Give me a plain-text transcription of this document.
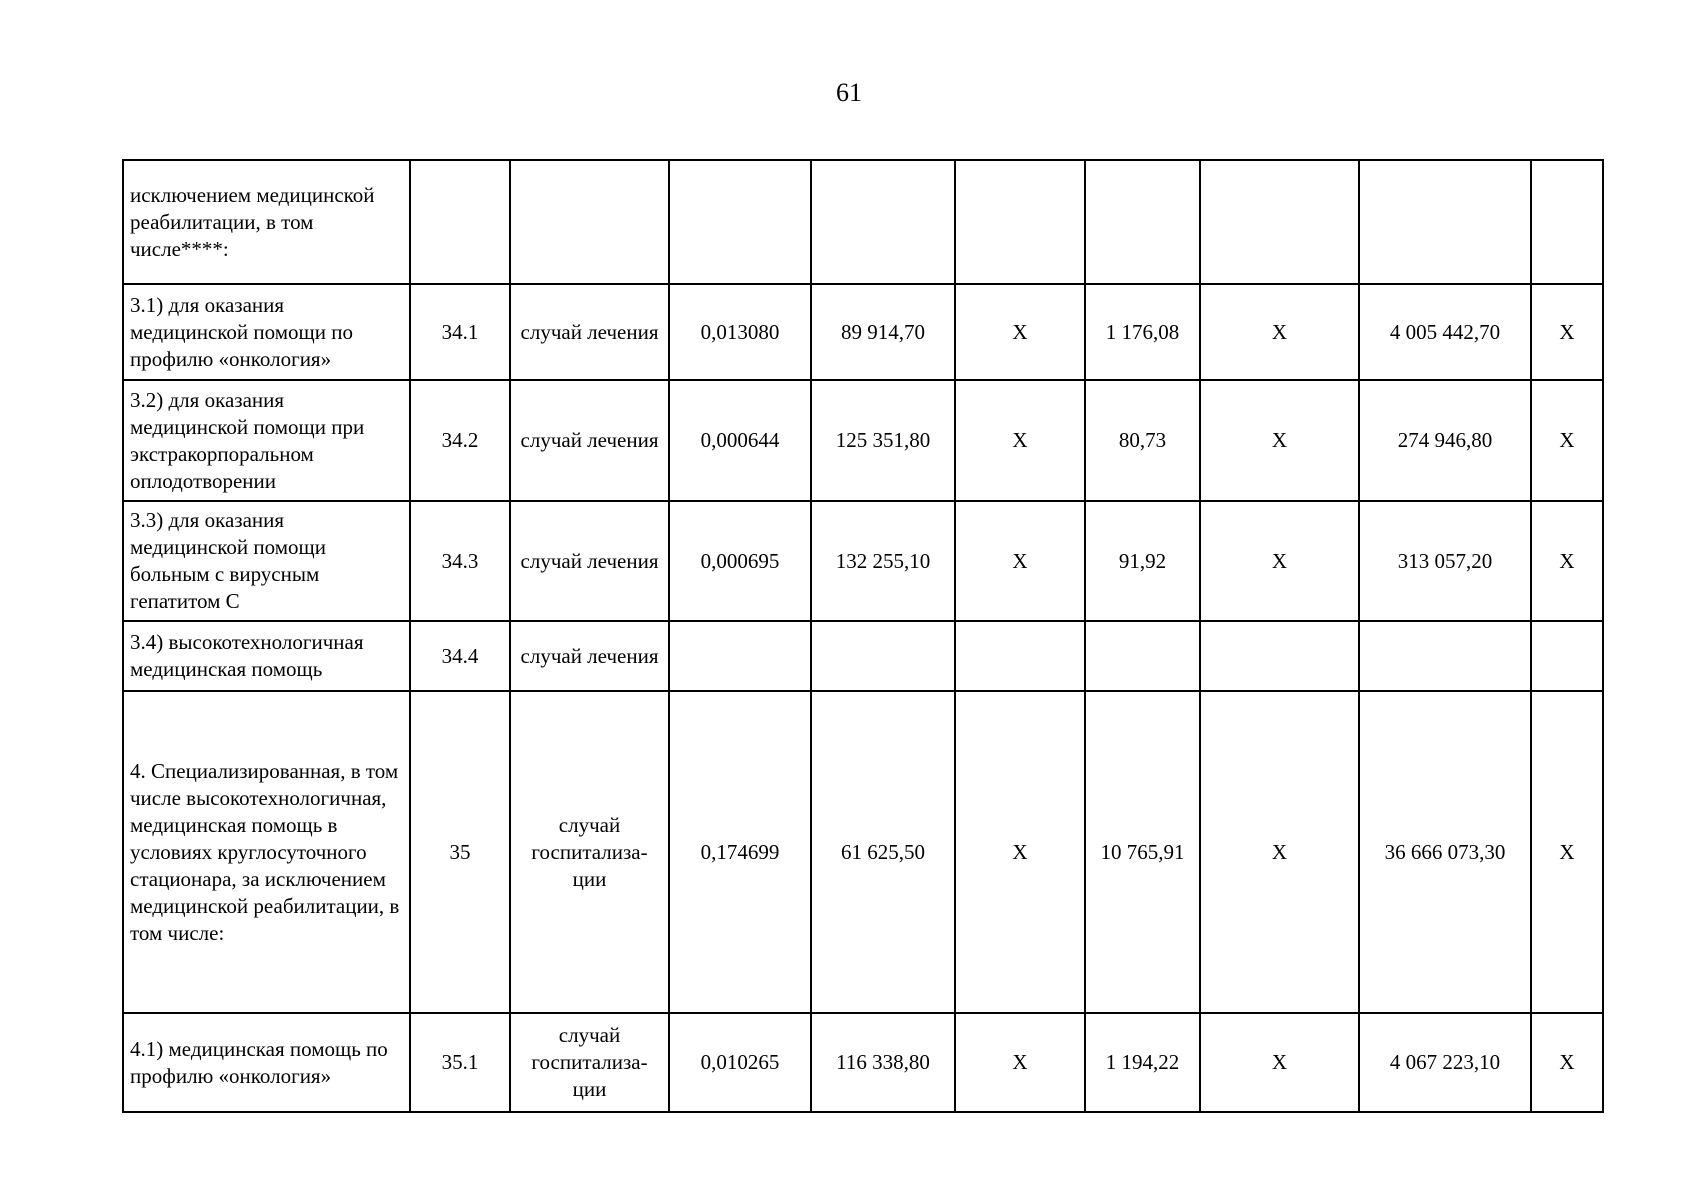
61
исключением медицинской реабилитации, в том числе****:									
3.1) для оказания медицинской помощи по профилю «онкология»	34.1	случай лечения	0,013080	89 914,70	X	1 176,08	X	4 005 442,70	X
3.2) для оказания медицинской помощи при экстракорпоральном оплодотворении	34.2	случай лечения	0,000644	125 351,80	X	80,73	X	274 946,80	X
3.3) для оказания медицинской помощи больным с вирусным гепатитом С	34.3	случай лечения	0,000695	132 255,10	X	91,92	X	313 057,20	X
3.4) высокотехнологичная медицинская помощь	34.4	случай лечения							
4. Специализированная, в том числе высокотехнологичная, медицинская помощь в условиях круглосуточного стационара, за исключением медицинской реабилитации, в том числе:	35	случай госпитализа-ции	0,174699	61 625,50	X	10 765,91	X	36 666 073,30	X
4.1) медицинская помощь по профилю «онкология»	35.1	случай госпитализа-ции	0,010265	116 338,80	X	1 194,22	X	4 067 223,10	X
